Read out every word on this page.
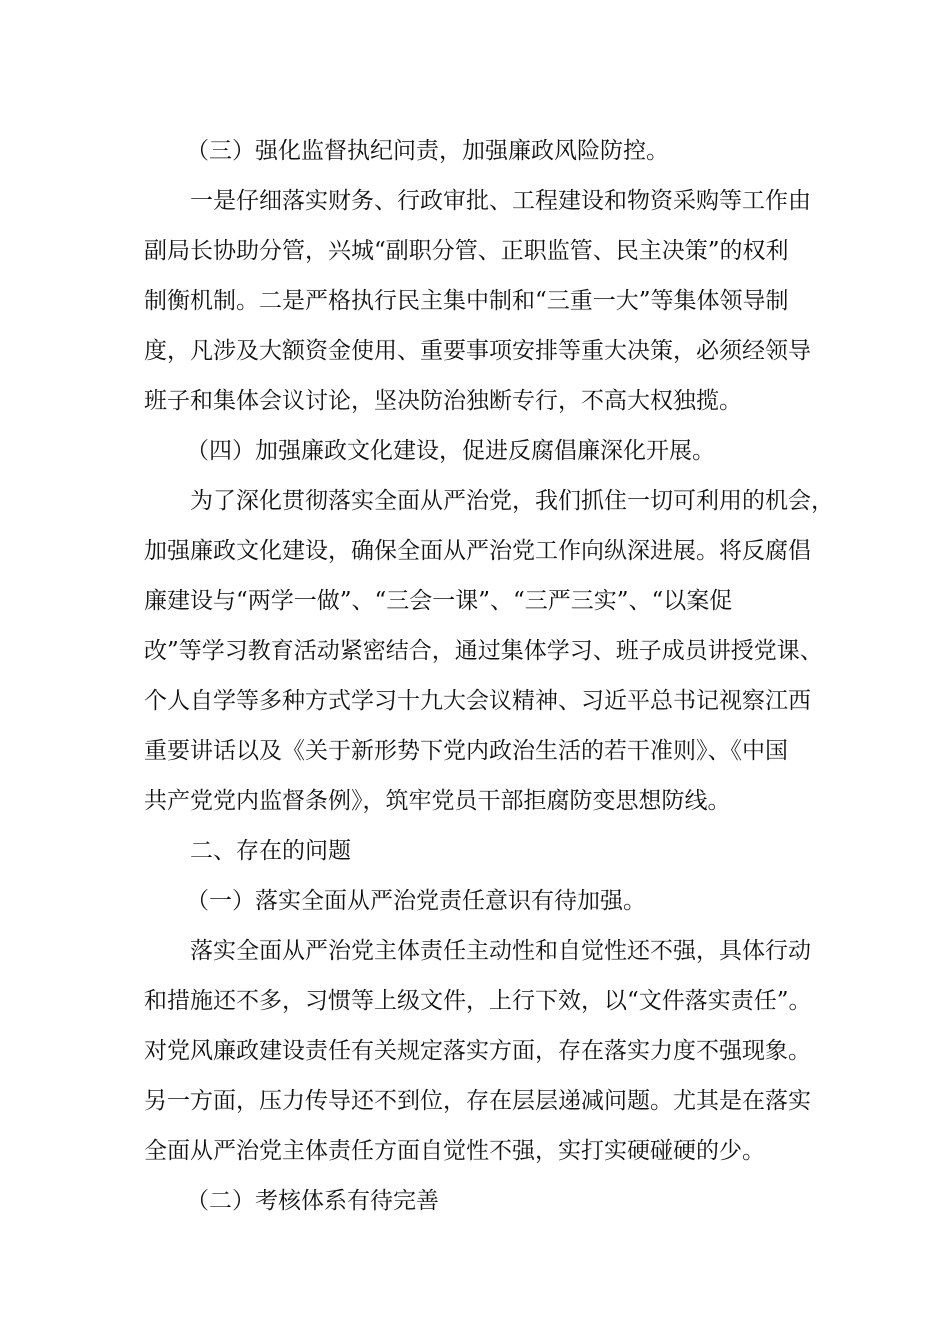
（三）强化监督执纪问责，加强廉政风险防控。
一是仔细落实财务、行政审批、工程建设和物资采购等工作由
副局长协助分管，兴城“副职分管、正职监管、民主决策”的权利
制衡机制。二是严格执行民主集中制和“三重一大”等集体领导制
度，凡涉及大额资金使用、重要事项安排等重大决策，必须经领导
班子和集体会议讨论，坚决防治独断专行，不高大权独揽。
（四）加强廉政文化建设，促进反腐倡廉深化开展。
为了深化贯彻落实全面从严治党，我们抓住一切可利用的机会，
加强廉政文化建设，确保全面从严治党工作向纵深进展。将反腐倡
廉建设与“两学一做”、“三会一课”、“三严三实”、“以案促
改”等学习教育活动紧密结合，通过集体学习、班子成员讲授党课、
个人自学等多种方式学习十九大会议精神、习近平总书记视察江西
重要讲话以及《关于新形势下党内政治生活的若干准则》、《中国
共产党党内监督条例》，筑牢党员干部拒腐防变思想防线。
二、存在的问题
（一）落实全面从严治党责任意识有待加强。
落实全面从严治党主体责任主动性和自觉性还不强，具体行动
和措施还不多，习惯等上级文件，上行下效，以“文件落实责任”。
对党风廉政建设责任有关规定落实方面，存在落实力度不强现象。
另一方面，压力传导还不到位，存在层层递减问题。尤其是在落实
全面从严治党主体责任方面自觉性不强，实打实硬碰硬的少。
（二）考核体系有待完善
